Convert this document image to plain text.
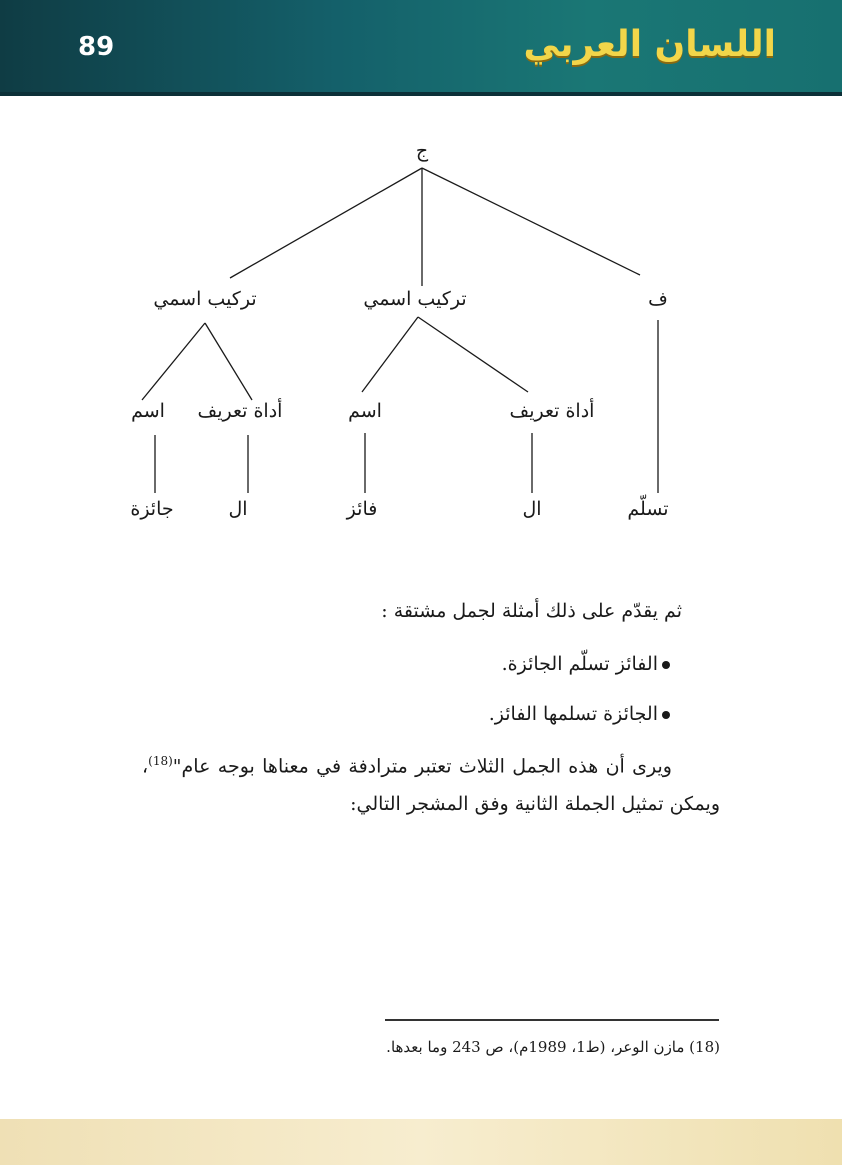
89	اللسان العربي
ج
تركيب اسمي	تركيب اسمي	ف
اسم أداة تعريف	اسم	أداة تعريف
جائزة	ال	فائز	ال	تسلّم
ثم يقدّم على ذلك أمثلة لجمل مشتقة :
الفائز تسلّم الجائزة.
الجائزة تسلمها الفائز.
ويرى أن هذه الجمل الثلاث تعتبر مترادفة في معناها بوجه عام"$^{(18)}$،
ويمكن تمثيل الجملة الثانية وفق المشجر التالي:
(18) مازن الوعر، (ط1، 1989م)، ص 243 وما بعدها.
